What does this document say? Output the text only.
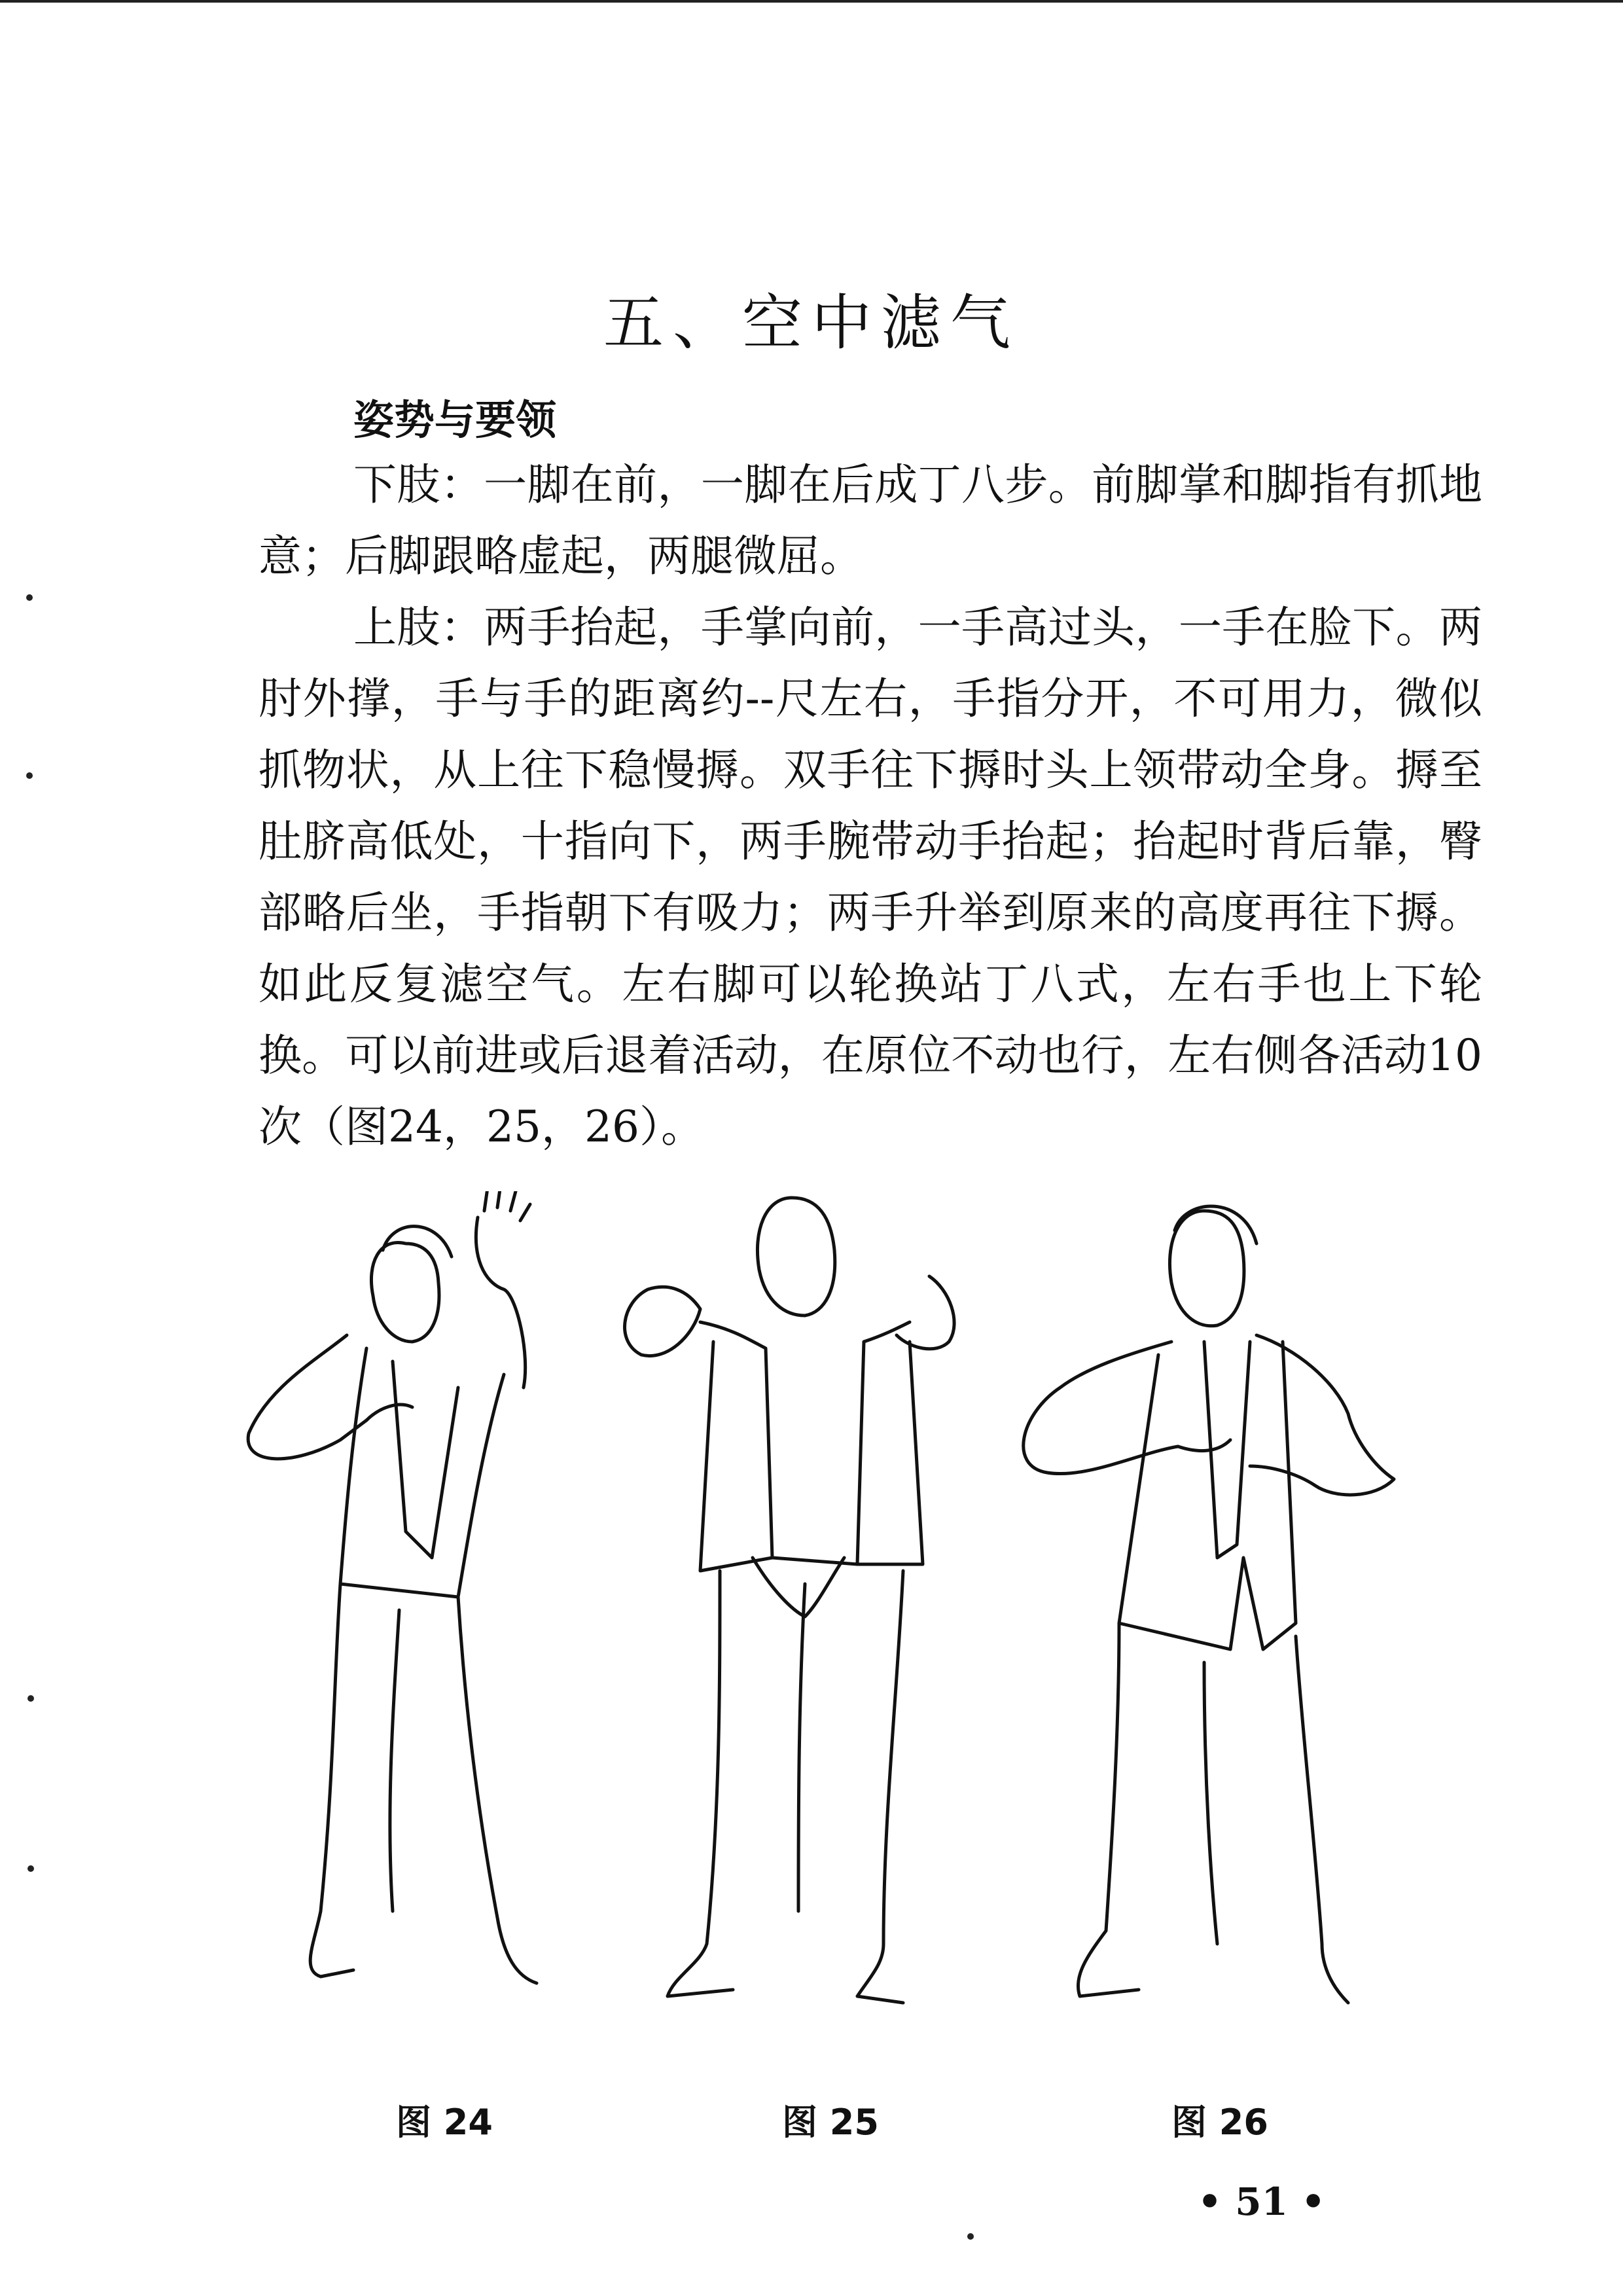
五、空中滤气
姿势与要领

下肢：一脚在前，一脚在后成丁八步。前脚掌和脚指有抓地意；后脚跟略虚起，两腿微屈。

上肢：两手抬起，手掌向前，一手高过头，一手在脸下。两肘外撑，手与手的距离约--尺左右，手指分开，不可用力，微似抓物状，从上往下稳慢搙。双手往下搙时头上领带动全身。搙至肚脐高低处，十指向下，两手腕带动手抬起；抬起时背后靠，臀部略后坐，手指朝下有吸力；两手升举到原来的高度再往下搙。如此反复滤空气。左右脚可以轮换站丁八式，左右手也上下轮换。可以前进或后退着活动，在原位不动也行，左右侧各活动10次（图24，25，26）。

图 24	图 25	图 26
• 51 •
